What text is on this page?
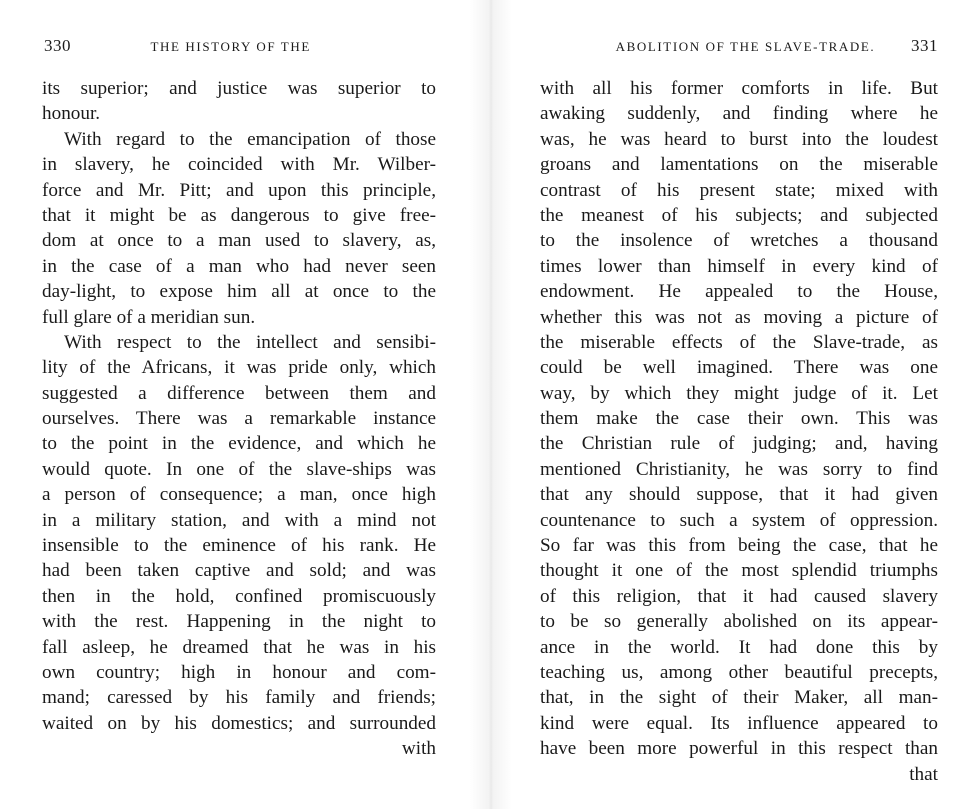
330	THE HISTORY OF THE
its superior; and justice was superior to
honour.
With regard to the emancipation of those
in slavery, he coincided with Mr. Wilber-
force and Mr. Pitt; and upon this principle,
that it might be as dangerous to give free-
dom at once to a man used to slavery, as,
in the case of a man who had never seen
day-light, to expose him all at once to the
full glare of a meridian sun.
With respect to the intellect and sensibi-
lity of the Africans, it was pride only, which
suggested a difference between them and
ourselves. There was a remarkable instance
to the point in the evidence, and which he
would quote. In one of the slave-ships was
a person of consequence; a man, once high
in a military station, and with a mind not
insensible to the eminence of his rank. He
had been taken captive and sold; and was
then in the hold, confined promiscuously
with the rest. Happening in the night to
fall asleep, he dreamed that he was in his
own country; high in honour and com-
mand; caressed by his family and friends;
waited on by his domestics; and surrounded
with
ABOLITION OF THE SLAVE-TRADE. 331
with all his former comforts in life. But
awaking suddenly, and finding where he
was, he was heard to burst into the loudest
groans and lamentations on the miserable
contrast of his present state; mixed with
the meanest of his subjects; and subjected
to the insolence of wretches a thousand
times lower than himself in every kind of
endowment. He appealed to the House,
whether this was not as moving a picture of
the miserable effects of the Slave-trade, as
could be well imagined. There was one
way, by which they might judge of it. Let
them make the case their own. This was
the Christian rule of judging; and, having
mentioned Christianity, he was sorry to find
that any should suppose, that it had given
countenance to such a system of oppression.
So far was this from being the case, that he
thought it one of the most splendid triumphs
of this religion, that it had caused slavery
to be so generally abolished on its appear-
ance in the world. It had done this by
teaching us, among other beautiful precepts,
that, in the sight of their Maker, all man-
kind were equal. Its influence appeared to
have been more powerful in this respect than
that
